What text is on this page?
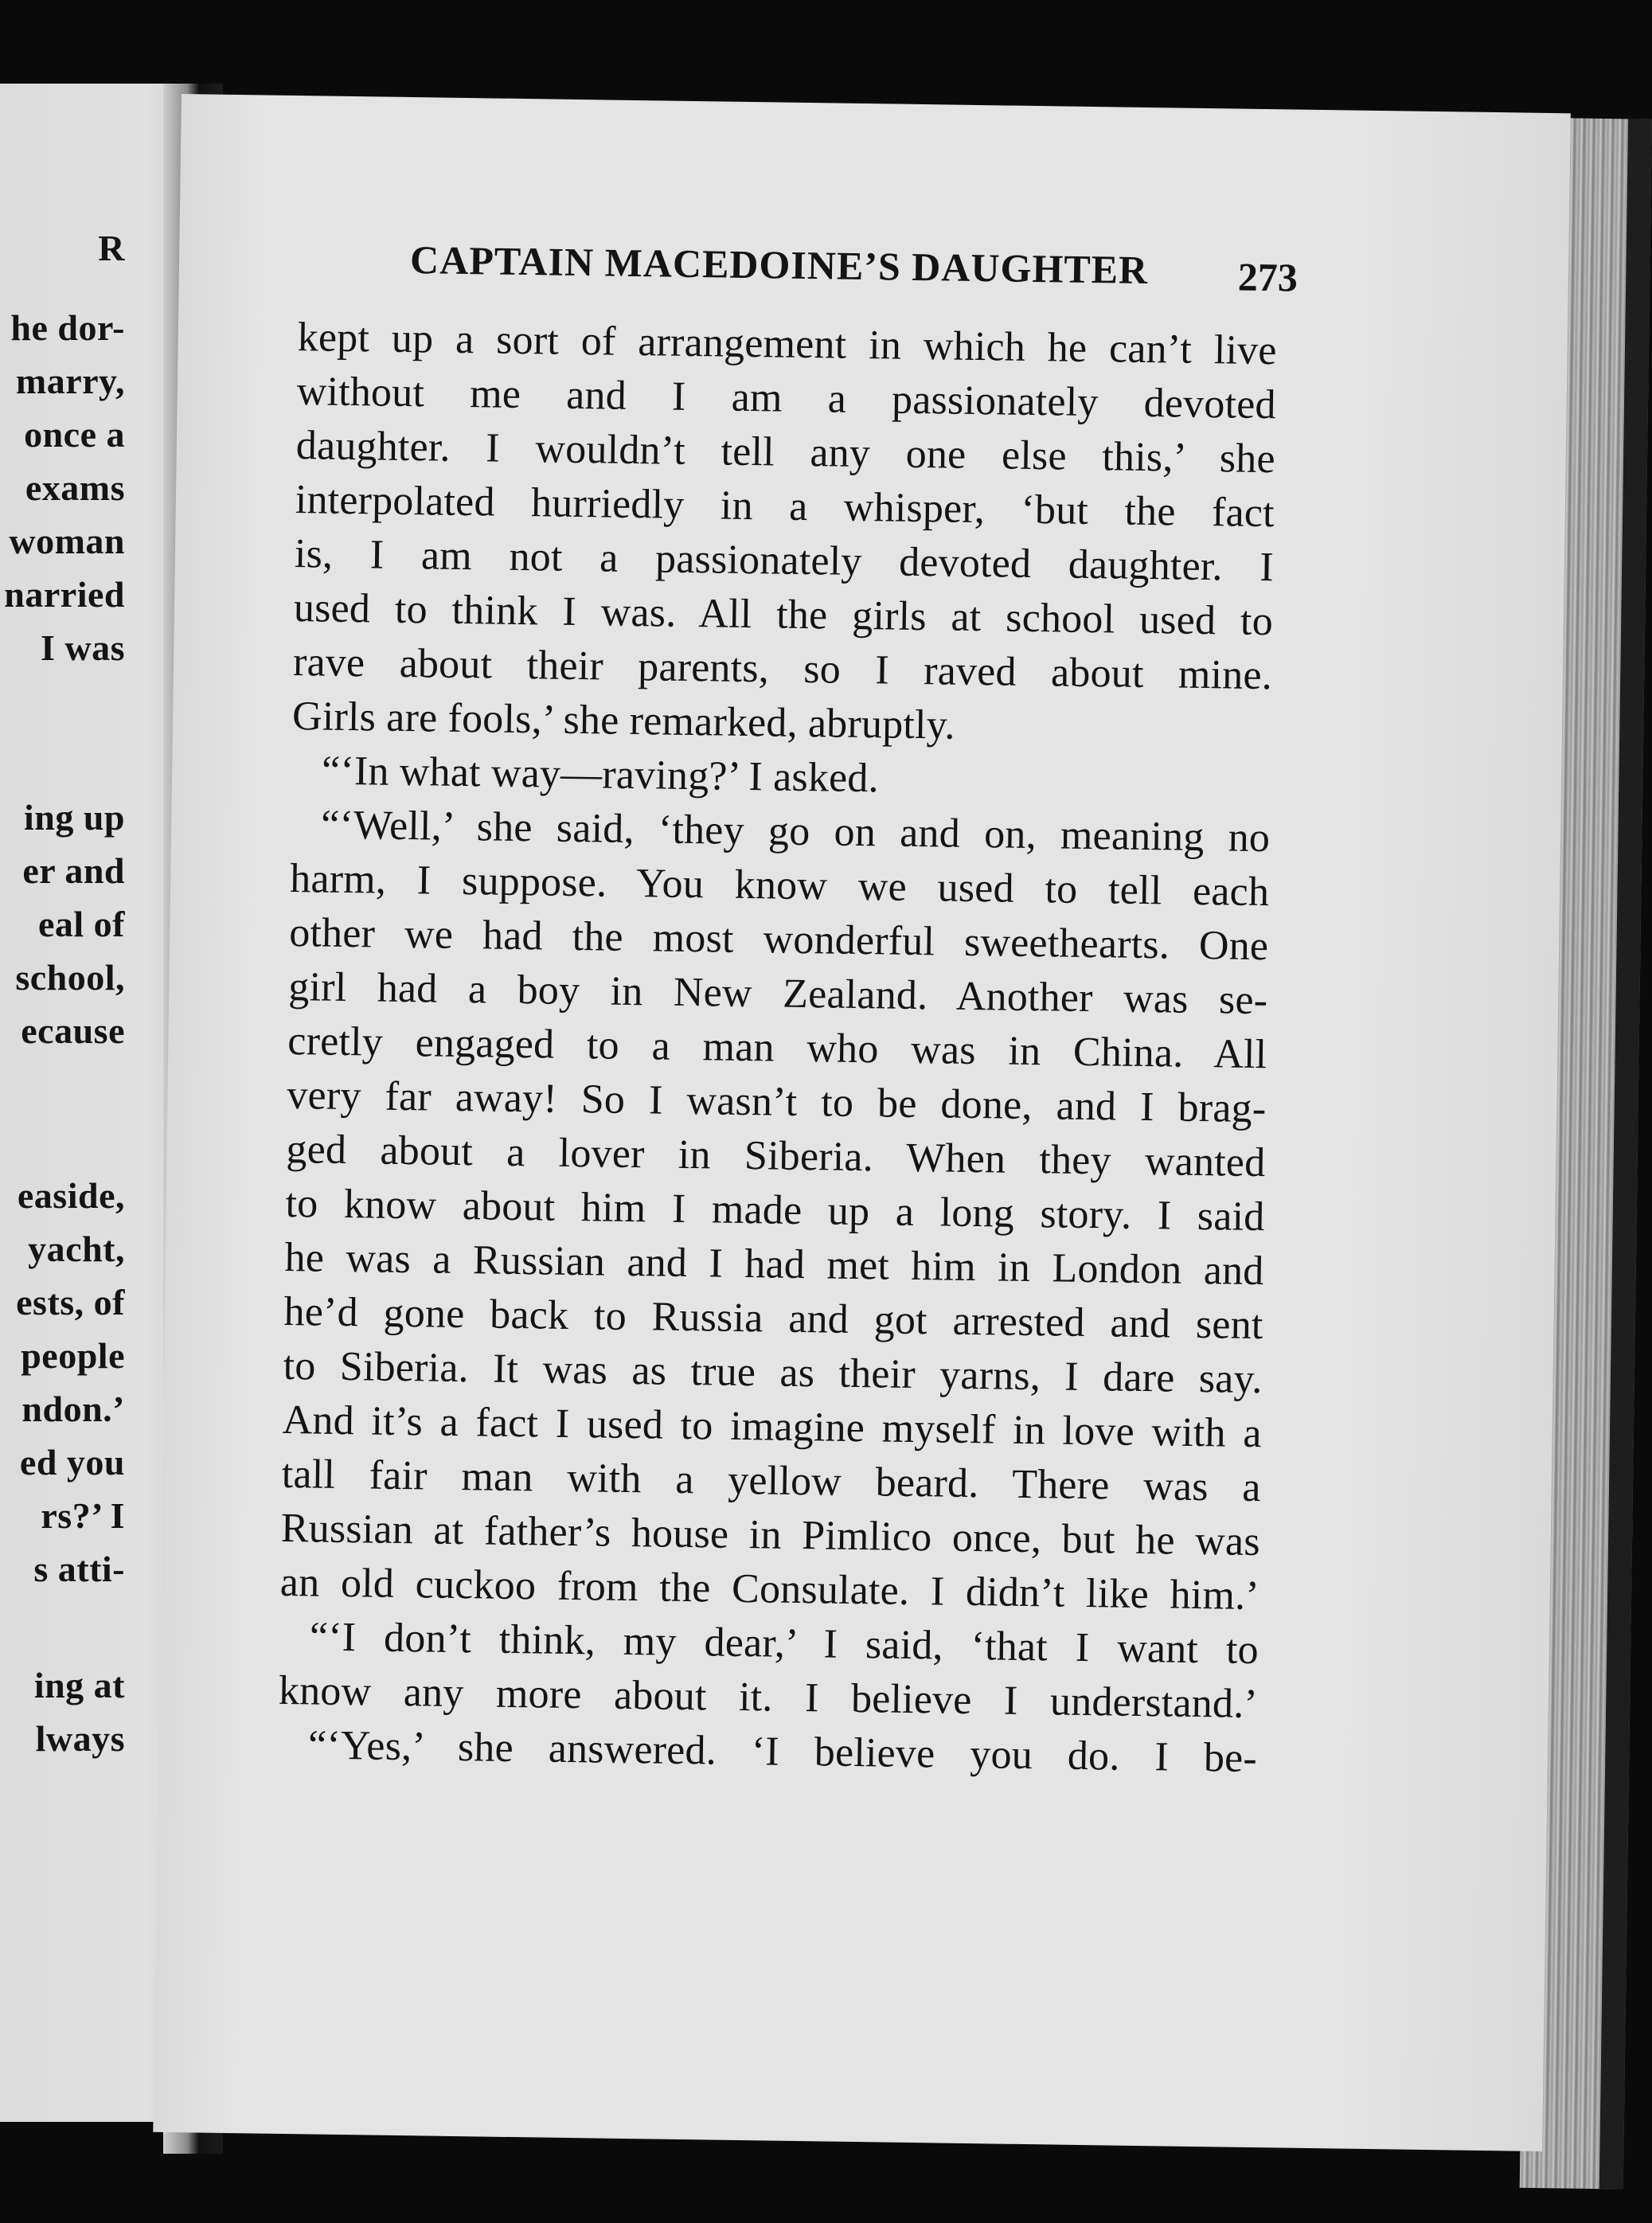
R
he dor-
marry,
once a
exams
woman
narried
I was
ing up
er and
eal of
school,
ecause
easide,
yacht,
ests, of
people
ndon.’
ed you
rs?’ I
s atti-
ing at
lways
CAPTAIN MACEDOINE’S DAUGHTER	273
kept up a sort of arrangement in which he can’t live
without me and I am a passionately devoted
daughter. I wouldn’t tell any one else this,’ she
interpolated hurriedly in a whisper, ‘but the fact
is, I am not a passionately devoted daughter. I
used to think I was. All the girls at school used to
rave about their parents, so I raved about mine.
Girls are fools,’ she remarked, abruptly.
“‘In what way—raving?’ I asked.
“‘Well,’ she said, ‘they go on and on, meaning no
harm, I suppose. You know we used to tell each
other we had the most wonderful sweethearts. One
girl had a boy in New Zealand. Another was se-
cretly engaged to a man who was in China. All
very far away! So I wasn’t to be done, and I brag-
ged about a lover in Siberia. When they wanted
to know about him I made up a long story. I said
he was a Russian and I had met him in London and
he’d gone back to Russia and got arrested and sent
to Siberia. It was as true as their yarns, I dare say.
And it’s a fact I used to imagine myself in love with a
tall fair man with a yellow beard. There was a
Russian at father’s house in Pimlico once, but he was
an old cuckoo from the Consulate. I didn’t like him.’
“‘I don’t think, my dear,’ I said, ‘that I want to
know any more about it. I believe I understand.’
“‘Yes,’ she answered. ‘I believe you do. I be-
